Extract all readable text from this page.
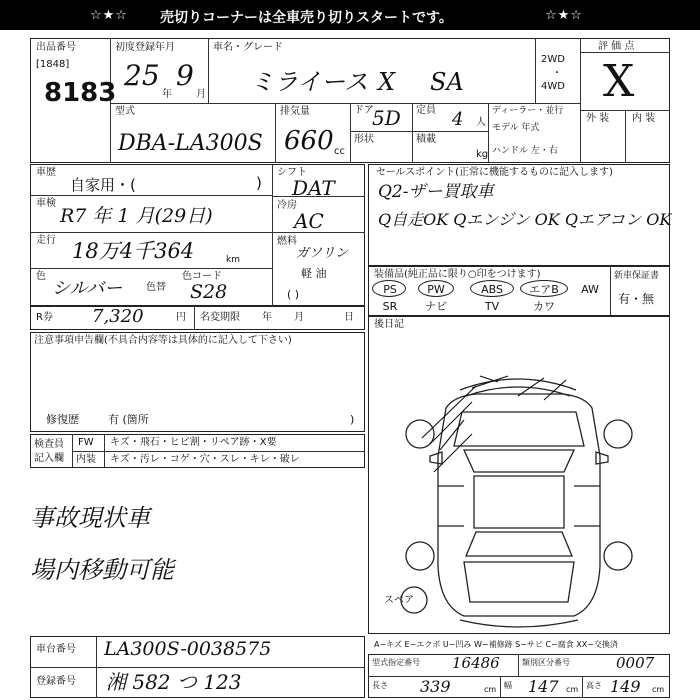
☆★☆ 売切りコーナーは全車売り切りスタートです。	☆★☆
出品番号
[1848]
8183
初度登録年月
25
年
9
月
車名・グレード
ミライース X SA
2WD
・
4WD
評 価 点
X
外 装 内 装
型式
DBA-LA300S
排気量
660 cc
ドア
5D
形状
定員 4 人
積載
kg
ディーラー・並行
モデル 年式
ハンドル 左・右
車歴
自家用・(	)
車検
R7 年 1 月(29日)
走行 18万4千364	km
色
シルバー 色替
色コード
S28
シフト
DAT
冷房
AC
燃料
ガソリン
軽 油
( )
R券 7,320	円 名変期限 年 月	日
セールスポイント(正常に機能するものに記入します)
Q2-ザー買取車
Q自走OK Qエンジン OK Qエアコン OK
装備品(純正品に限り○印をつけます)	新車保証書
有・無
PS	PW	ABS	エアB	AW
SR	ナビ	TV	カワ
注意事項申告欄(不具合内容等は具体的に記入して下さい)
修復歴	有 (箇所	)
検査員 記入欄
FW キズ・飛石・ヒビ割・リペア跡・X要
内装 キズ・汚レ・コゲ・穴・スレ・キレ・破レ
事故現状車
場内移動可能
後日記
スペア
車台番号 LA300S-0038575
登録番号 湘 582 つ 123
A−キズ E−エクボ U−凹み W−補修跡 S−サビ C−腐食 XX−交換済
型式指定番号 16486	類別区分番号	0007
長さ 339	cm 幅 147 cm 高さ 149 cm
